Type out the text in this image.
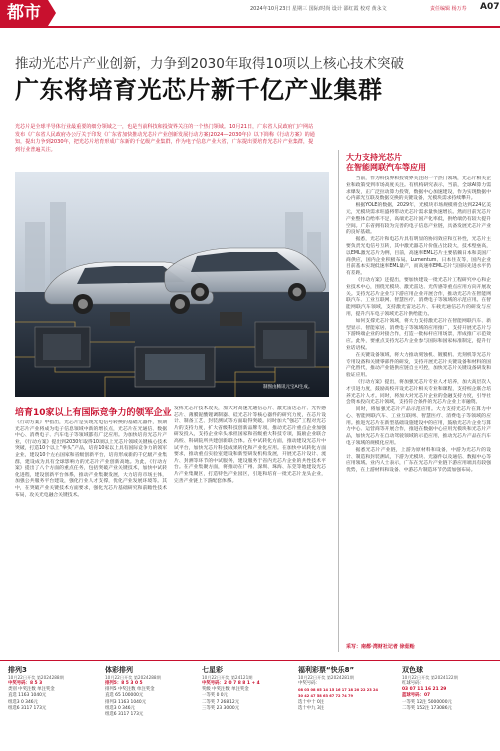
都市	2024年10月23日 星期三 国际/时尚 设计 邵红霞 校对 黄永文	责任编辑 杨万寿 A07
推动光芯片产业创新，力争到2030年取得10项以上核心技术突破
广东将培育光芯片新千亿产业集群
光芯片是全球半导体行业最重要的细分领域之一，也是当前科技和投资界关注的一个热门领域。10月21日，广东省人民政府门户网站发布《广东省人民政府办公厅关于印发《广东省加快推动光芯片产业创新发展行动方案(2024—2030年)》以下简称《行动方案》的通知，提出力争到2030年，把光芯片培育形成广东新的千亿级产业集群，作为电子信息产业大省，广东提出要培育光芯片产业集群，提到行业普遍关注。
制图由腾讯元宝AI生成。
培育10家以上有国际竞争力的领军企业
《行动方案》中指出，光芯片是实现光电信号转换的基础元器件，预期光芯片产业将成为电子信息领域中新的增长点，光芯片在光通信、数据中心、消费电子、汽车电子等领域都有广泛应用。为加快培育光芯片产业，《行动方案》提出到2030年取得10项以上光芯片领域关键核心技术突破，打造10个以上“拳头”产品，培育10家以上具有国际竞争力的领军企业，建设10个左右国家和省级创新平台，培育形成新的千亿级产业集群，建设成为具有全球影响力的光芯片产业创新高地。为此，《行动方案》提出了八个方面的重点任务，包括突破产业关键技术，加快中试转化进程，建设创新平台体系，推动产业集聚发展，大力培育市场主体，加强公共服务平台建设，强化行业人才支撑，优化产业发展环境等。其中，在突破产业关键技术方面要求，强化光芯片基础研究和前瞻性技术布局，攻关光电融合关键技术。
发挥光芯片技术攻关，加大对高速光通信芯片、激光雷达芯片、光传感芯片、薄膜铌酸锂调制器、硅光芯片等核心器件的研究力度，在芯片设计、制备工艺、封装测试等方面取得突破。同时加大“强芯”工程对光芯片的支持力度，扩大省级科技创新品牌专项，推动光芯片重点企业加强研发投入，支持企业牵头承担国家和省级重大科技专项，鼓励企业联合高校、科研院所共建创新联合体。在中试转化方面，推动建设光芯片中试平台，加快光芯片科技成果转化和产业化应用。在加快中试转化方面要求，推动重点实验室建设和新型研发机构发展，开展光芯片设计、流片、封测等环节的中试服务，建设服务于省内光芯片企业的共性技术平台。在产业集聚方面，将推动在广州、深圳、珠海、东莞等地建设光芯片产业集聚区，打造特色产业园区，引进和培育一批光芯片龙头企业，完善产业链上下游配套体系。
大力支持光芯片
在智能网联汽车等应用

当前，作为科技界和投资界关注的一个热门领域，光芯片相关企业和政策受到市场高度关注。有机构研究表示，当前，全球AI算力需求爆发，正广泛拉动算力投资，数据中心加速建设，作为实现数据中心内部光互联及数据交换的关键设备，光模块需求持续攀升。

根据YOLE的数据，2029年，光模块市场规模将会达到224亿美元，光模块需求旺盛将带动光芯片需求量快速增长。然而目前光芯片产业整体自给率不足，高端光芯片国产化率低，供给端仍有较大提升空间。广东省拥有较为完善的电子信息产业链，具备发展光芯片产业的良好基础。

据悉，光芯片和电芯片具有明显的协同效应和互补性，光芯片主要负责光电信号互转，其中激光器芯片价值占比较大，技术壁垒高，以EML激光芯片为例，目前，高速率EML芯片主要依赖日本和美国厂商供应，国内企业积极布局。Lumentum、日本住友等，国内企业目前基本实现低速率EML量产，而高速率EML芯片与国际先进水平仍有差距。

《行动方案》还提出，要加快建设一批光芯片工程研究中心和企业技术中心，围绕光模块、激光雷达、光传感等重点应用方向开展攻关。支持光芯片企业与下游应用企业开展合作，推动光芯片在智能网联汽车、工业互联网、智慧医疗、消费电子等领域的示范应用。在智能网联汽车领域，支持激光雷达芯片、车载光通信芯片的研发与应用，提升汽车电子领域光芯片供给能力。

如何支撑光芯片领域，将大力支持激光芯片在智能网联汽车、新型显示、智能家居、消费电子等领域的应用推广，支持开展光芯片与下游终端企业的对接合作，打造一批标杆应用场景，形成推广示范效应。此外，要重点支持光芯片企业参与国际和国家标准制定，提升行业话语权。

在关键设备领域，将大力推动刻蚀机、镀膜机、光刻机等光芯片专用设备和关键零部件的研发，支持开展光芯片关键设备和材料的国产化替代，推动产业链供应链自主可控，加快光芯片关键设备研发和验证应用。

《行动方案》提出，将加强光芯片专业人才培养，加大高层次人才引进力度，鼓励高校开设光芯片相关专业和课程，支持校企联合培养光芯片人才。同时，将加大对光芯片企业的金融支持力度，引导社会资本投向光芯片领域，支持符合条件的光芯片企业上市融资。

同时，将加强光芯片产品示范应用。大力支持光芯片在算力中心、智能网联汽车、工业互联网、智慧医疗、消费电子等领域的应用。推进光芯片在新型基础设施建设中的应用，鼓励光芯片企业与算力中心、运营商等开展合作，推进在数据中心应用光模块和光芯片产品，加快光芯片在自动驾驶领域的示范应用，推动光芯片产品在汽车电子领域的规模化应用。

据悉光芯片产业链，上游为原材料和设备，中游为光芯片的设计、制造和封装测试，下游为光模块、光器件以及通信、数据中心等应用领域。业内人士表示，广东在光芯片产业链下游应用端具有较强优势，在上游材料和设备、中游芯片制造环节仍需加强布局。

采写：南都·湾财社记者 徐茹贻
排列3
10月22日开奖 第2024288期
中奖号码：8 5 3
类别 中奖注数 单注奖金
直选 1163 1040元
组选3 0 346元
组选6 3117 173元
体彩排列
10月22日开奖 第2024288期
排列5：8 5 3 0 5
排列5 中奖注数 单注奖金
直选 65 100000元
排列3 1163 1040元
组选3 0 346元
组选6 3117 173元
七星彩
10月22日开奖 第24121期
中奖号码：2 0 7 8 8 1 + 4
奖级 中奖注数 单注奖金
一等奖 0 0元
二等奖 7 26812元
三等奖 23 3000元
福利彩票“快乐8”
10月22日开奖 第2024281期
中奖号码：
08 03 08 05 14 15 16 17 18 20 22 23 24
30 42 47 58 63 67 72 74 79
选十中十 0注
选十中九 3注
双色球
10月22日开奖 第2024122期
红球号码：
03 07 11 16 21 29
蓝球号码：07
一等奖 12注 5000000元
二等奖 152注 173086元
